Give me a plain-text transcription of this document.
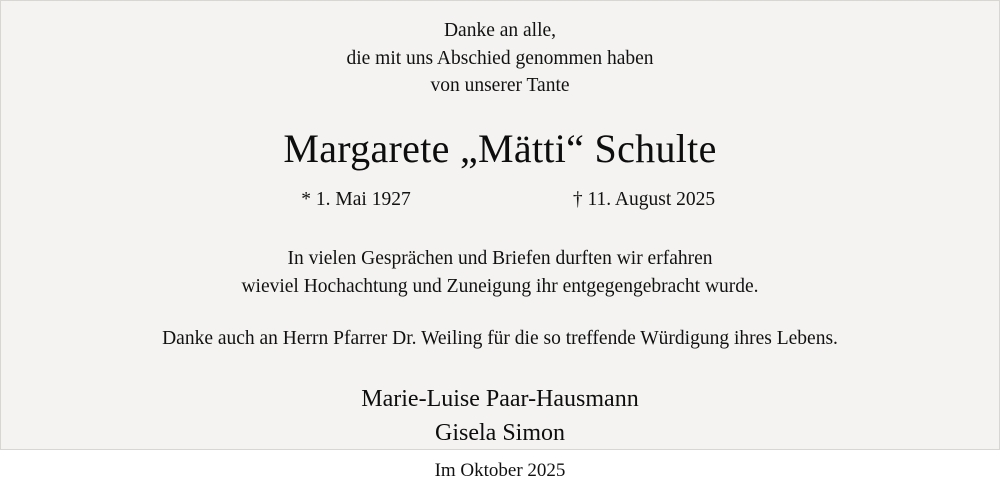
Danke an alle,
die mit uns Abschied genommen haben
von unserer Tante
Margarete „Mätti“ Schulte
* 1. Mai 1927	† 11. August 2025
In vielen Gesprächen und Briefen durften wir erfahren
wieviel Hochachtung und Zuneigung ihr entgegengebracht wurde.
Danke auch an Herrn Pfarrer Dr. Weiling für die so treffende Würdigung ihres Lebens.
Marie-Luise Paar-Hausmann
Gisela Simon
Im Oktober 2025
